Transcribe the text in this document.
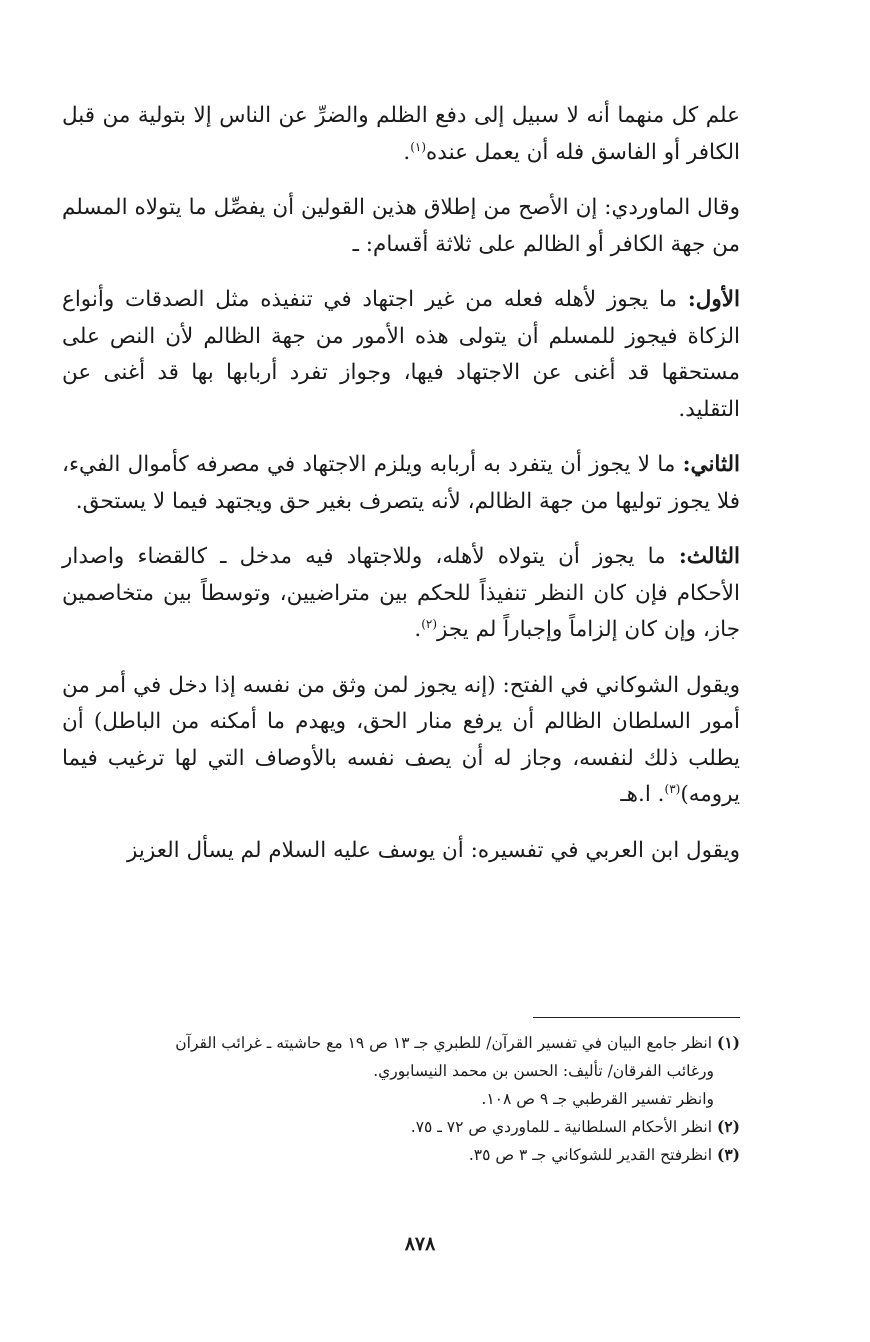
علم كل منهما أنه لا سبيل إلى دفع الظلم والضرِّ عن الناس إلا بتولية من قبل الكافر أو الفاسق فله أن يعمل عنده$^{(١)}$.

وقال الماوردي: إن الأصح من إطلاق هذين القولين أن يفصِّل ما يتولاه المسلم من جهة الكافر أو الظالم على ثلاثة أقسام: ـ

الأول: ما يجوز لأهله فعله من غير اجتهاد في تنفيذه مثل الصدقات وأنواع الزكاة فيجوز للمسلم أن يتولى هذه الأمور من جهة الظالم لأن النص على مستحقها قد أغنى عن الاجتهاد فيها، وجواز تفرد أربابها بها قد أغنى عن التقليد.

الثاني: ما لا يجوز أن يتفرد به أربابه ويلزم الاجتهاد في مصرفه كأموال الفيء، فلا يجوز توليها من جهة الظالم، لأنه يتصرف بغير حق ويجتهد فيما لا يستحق.

الثالث: ما يجوز أن يتولاه لأهله، وللاجتهاد فيه مدخل ـ كالقضاء واصدار الأحكام فإن كان النظر تنفيذاً للحكم بين متراضيين، وتوسطاً بين متخاصمين جاز، وإن كان إلزاماً وإجباراً لم يجز$^{(٢)}$.

ويقول الشوكاني في الفتح: (إنه يجوز لمن وثق من نفسه إذا دخل في أمر من أمور السلطان الظالم أن يرفع منار الحق، ويهدم ما أمكنه من الباطل) أن يطلب ذلك لنفسه، وجاز له أن يصف نفسه بالأوصاف التي لها ترغيب فيما يرومه)$^{(٣)}$. ا.هـ

ويقول ابن العربي في تفسيره: أن يوسف عليه السلام لم يسأل العزيز

(١) انظر جامع البيان في تفسير القرآن/ للطبري جـ ١٣ ص ١٩ مع حاشيته ـ غرائب القرآن

ورغائب الفرقان/ تأليف: الحسن بن محمد النيسابوري.

وانظر تفسير القرطبي جـ ٩ ص ١٠٨.

(٢) انظر الأحكام السلطانية ـ للماوردي ص ٧٢ ـ ٧٥.

(٣) انظرفتح القدير للشوكاني جـ ٣ ص ٣٥.

٨٧٨
